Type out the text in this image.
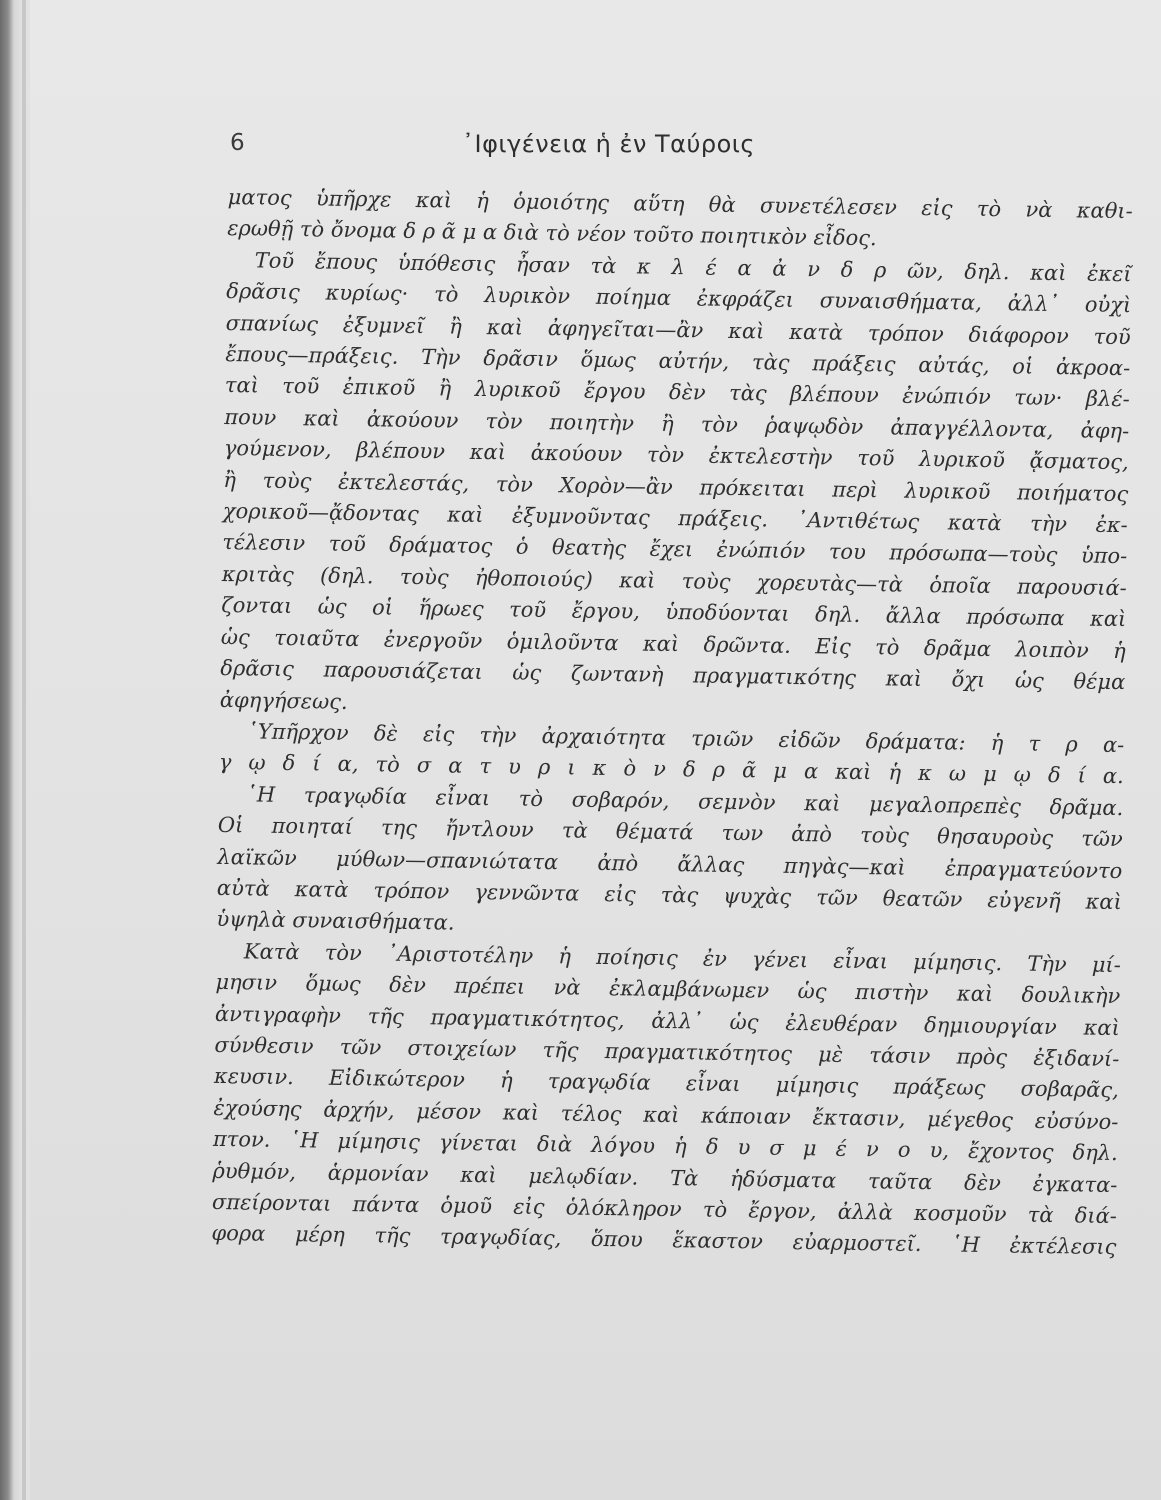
6	᾿Ιφιγένεια ἡ ἐν Ταύροις
ματος ὑπῆρχε καὶ ἡ ὁμοιότης αὕτη θὰ συνετέλεσεν εἰς τὸ νὰ καθι-
ερωθῇ τὸ ὄνομα δ ρ ᾶ μ α διὰ τὸ νέον τοῦτο ποιητικὸν εἶδος.
Τοῦ ἔπους ὑπόθεσις ἦσαν τὰ κ λ έ α ἀ ν δ ρ ῶν, δηλ. καὶ ἐκεῖ
δρᾶσις κυρίως· τὸ λυρικὸν ποίημα ἐκφράζει συναισθήματα, ἀλλ᾿ οὐχὶ
σπανίως ἐξυμνεῖ ἢ καὶ ἀφηγεῖται—ἂν καὶ κατὰ τρόπον διάφορον τοῦ
ἔπους—πράξεις. Τὴν δρᾶσιν ὅμως αὐτήν, τὰς πράξεις αὐτάς, οἱ ἀκροα-
ταὶ τοῦ ἐπικοῦ ἢ λυρικοῦ ἔργου δὲν τὰς βλέπουν ἐνώπιόν των· βλέ-
πουν καὶ ἀκούουν τὸν ποιητὴν ἢ τὸν ῥαψῳδὸν ἀπαγγέλλοντα, ἀφη-
γούμενον, βλέπουν καὶ ἀκούουν τὸν ἐκτελεστὴν τοῦ λυρικοῦ ᾄσματος,
ἢ τοὺς ἐκτελεστάς, τὸν Χορὸν—ἂν πρόκειται περὶ λυρικοῦ ποιήματος
χορικοῦ—ᾄδοντας καὶ ἐξυμνοῦντας πράξεις. ᾿Αντιθέτως κατὰ τὴν ἐκ-
τέλεσιν τοῦ δράματος ὁ θεατὴς ἔχει ἐνώπιόν του πρόσωπα—τοὺς ὑπο-
κριτὰς (δηλ. τοὺς ἠθοποιούς) καὶ τοὺς χορευτὰς—τὰ ὁποῖα παρουσιά-
ζονται ὡς οἱ ἥρωες τοῦ ἔργου, ὑποδύονται δηλ. ἄλλα πρόσωπα καὶ
ὡς τοιαῦτα ἐνεργοῦν ὁμιλοῦντα καὶ δρῶντα. Εἰς τὸ δρᾶμα λοιπὸν ἡ
δρᾶσις παρουσιάζεται ὡς ζωντανὴ πραγματικότης καὶ ὄχι ὡς θέμα
ἀφηγήσεως.
῾Υπῆρχον δὲ εἰς τὴν ἀρχαιότητα τριῶν εἰδῶν δράματα: ἡ τ ρ α-
γ ῳ δ ί α, τὸ σ α τ υ ρ ι κ ὸ ν δ ρ ᾶ μ α καὶ ἡ κ ω μ ῳ δ ί α.
῾Η τραγῳδία εἶναι τὸ σοβαρόν, σεμνὸν καὶ μεγαλοπρεπὲς δρᾶμα.
Οἱ ποιηταί της ἤντλουν τὰ θέματά των ἀπὸ τοὺς θησαυροὺς τῶν
λαϊκῶν μύθων—σπανιώτατα ἀπὸ ἄλλας πηγὰς—καὶ ἐπραγματεύοντο
αὐτὰ κατὰ τρόπον γεννῶντα εἰς τὰς ψυχὰς τῶν θεατῶν εὐγενῆ καὶ
ὑψηλὰ συναισθήματα.
Κατὰ τὸν ᾿Αριστοτέλην ἡ ποίησις ἐν γένει εἶναι μίμησις. Τὴν μί-
μησιν ὅμως δὲν πρέπει νὰ ἐκλαμβάνωμεν ὡς πιστὴν καὶ δουλικὴν
ἀντιγραφὴν τῆς πραγματικότητος, ἀλλ᾿ ὡς ἐλευθέραν δημιουργίαν καὶ
σύνθεσιν τῶν στοιχείων τῆς πραγματικότητος μὲ τάσιν πρὸς ἐξιδανί-
κευσιν. Εἰδικώτερον ἡ τραγῳδία εἶναι μίμησις πράξεως σοβαρᾶς,
ἐχούσης ἀρχήν, μέσον καὶ τέλος καὶ κάποιαν ἔκτασιν, μέγεθος εὐσύνο-
πτον. ῾Η μίμησις γίνεται διὰ λόγου ἡ δ υ σ μ έ ν ο υ, ἔχοντος δηλ.
ῥυθμόν, ἁρμονίαν καὶ μελῳδίαν. Τὰ ἡδύσματα ταῦτα δὲν ἐγκατα-
σπείρονται πάντα ὁμοῦ εἰς ὁλόκληρον τὸ ἔργον, ἀλλὰ κοσμοῦν τὰ διά-
φορα μέρη τῆς τραγῳδίας, ὅπου ἕκαστον εὐαρμοστεῖ. ῾Η ἐκτέλεσις
